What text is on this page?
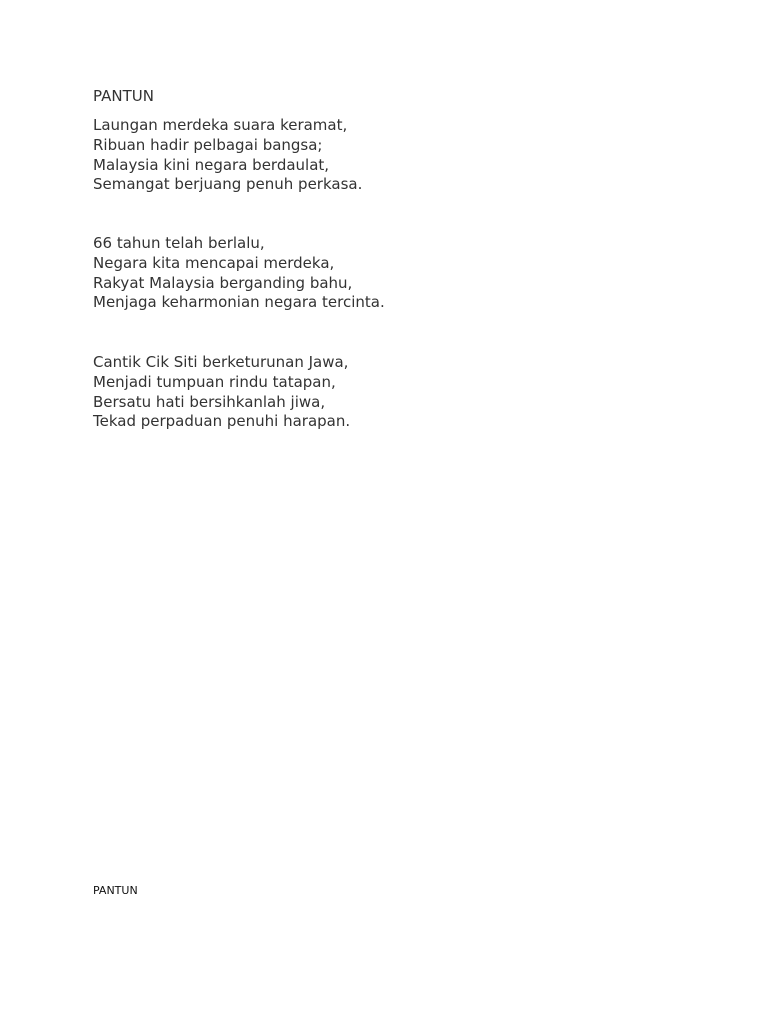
PANTUN

Laungan merdeka suara keramat,
Ribuan hadir pelbagai bangsa;
Malaysia kini negara berdaulat,
Semangat berjuang penuh perkasa.

66 tahun telah berlalu,
Negara kita mencapai merdeka,
Rakyat Malaysia berganding bahu,
Menjaga keharmonian negara tercinta.

Cantik Cik Siti berketurunan Jawa,
Menjadi tumpuan rindu tatapan,
Bersatu hati bersihkanlah jiwa,
Tekad perpaduan penuhi harapan.

PANTUN
